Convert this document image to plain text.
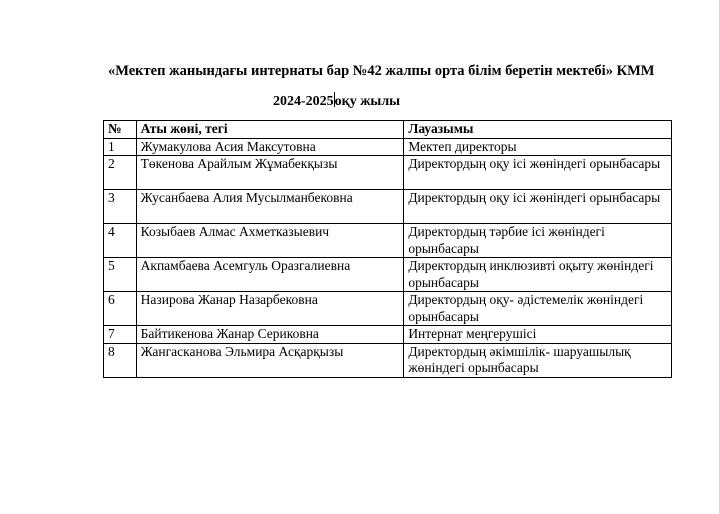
«Мектеп жанындағы интернаты бар №42 жалпы орта білім беретін мектебі» КММ
2024-2025оқу жылы
№	Аты жөні, тегі	Лауазымы
1	Жумакулова Асия Максутовна	Мектеп директоры
2	Төкенова Арайлым Жұмабекқызы	Директордың оқу ісі жөніндегі орынбасары
3	Жусанбаева Алия Мусылманбековна	Директордың оқу ісі жөніндегі орынбасары
4	Козыбаев Алмас Ахметказыевич	Директордың тәрбие ісі жөніндегі орынбасары
5	Акпамбаева Асемгуль Оразгалиевна	Директордың инклюзивті оқыту жөніндегі орынбасары
6	Назирова Жанар Назарбековна	Директордың оқу- әдістемелік жөніндегі орынбасары
7	Байтикенова Жанар Сериковна	Интернат меңгерушісі
8	Жангасканова Эльмира Асқарқызы	Директордың әкімшілік- шаруашылық жөніндегі орынбасары
